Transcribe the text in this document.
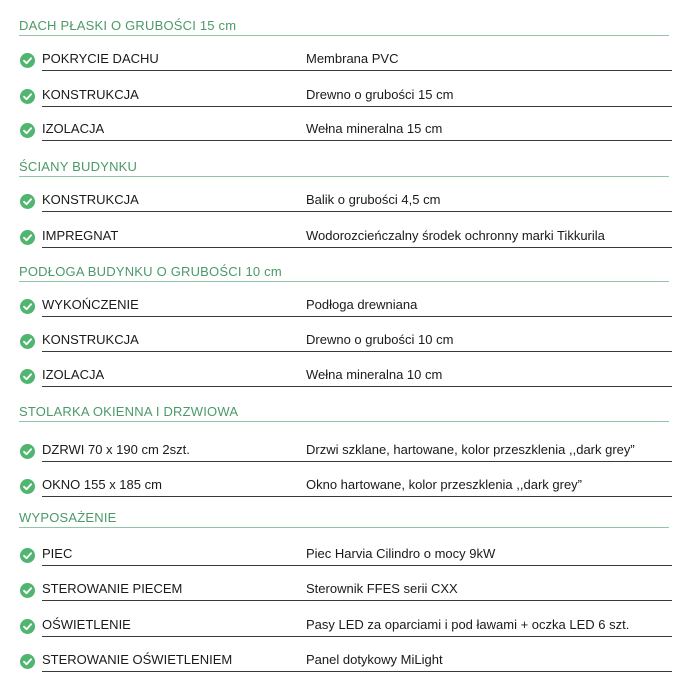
DACH PŁASKI O GRUBOŚCI 15 cm
POKRYCIE DACHU	Membrana PVC
KONSTRUKCJA	Drewno o grubości 15 cm
IZOLACJA	Wełna mineralna 15 cm
ŚCIANY BUDYNKU
KONSTRUKCJA	Balik o grubości 4,5 cm
IMPREGNAT	Wodorozcieńczalny środek ochronny marki Tikkurila
PODŁOGA BUDYNKU O GRUBOŚCI 10 cm
WYKOŃCZENIE	Podłoga drewniana
KONSTRUKCJA	Drewno o grubości 10 cm
IZOLACJA	Wełna mineralna 10 cm
STOLARKA OKIENNA I DRZWIOWA
DZRWI 70 x 190 cm 2szt.	Drzwi szklane, hartowane, kolor przeszklenia ,,dark grey”
OKNO 155 x 185 cm	Okno hartowane, kolor przeszklenia ,,dark grey”
WYPOSAŻENIE
PIEC	Piec Harvia Cilindro o mocy 9kW
STEROWANIE PIECEM	Sterownik FFES serii CXX
OŚWIETLENIE	Pasy LED za oparciami i pod ławami + oczka LED 6 szt.
STEROWANIE OŚWIETLENIEM	Panel dotykowy MiLight
